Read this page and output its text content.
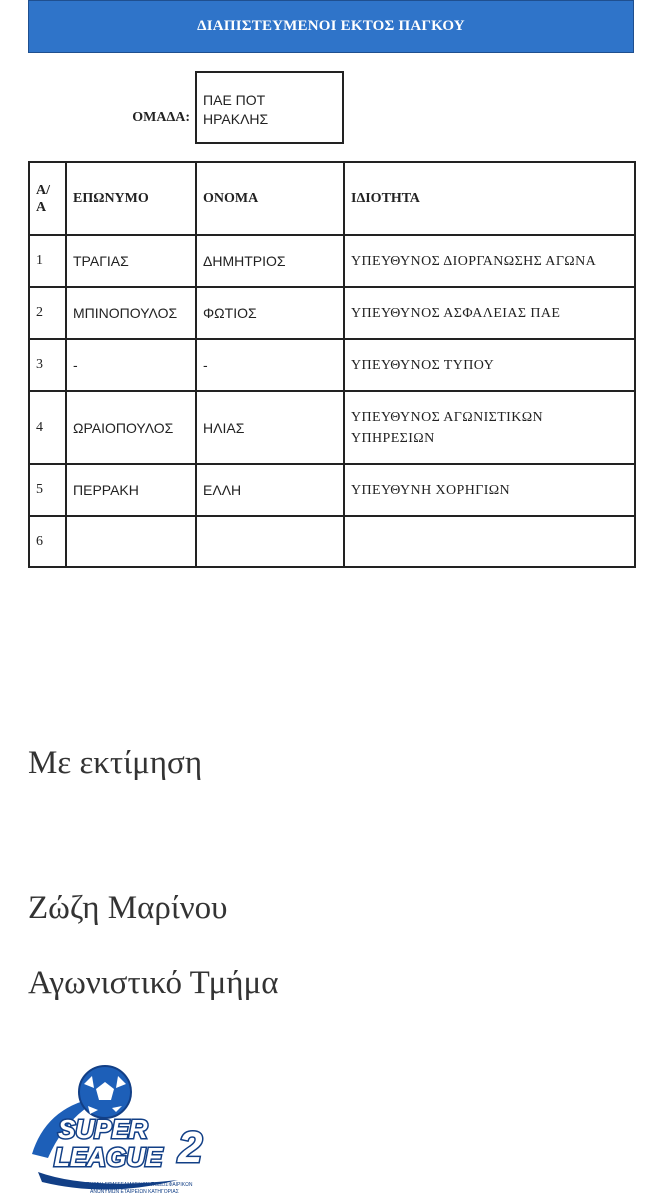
ΔΙΑΠΙΣΤΕΥΜΕΝΟΙ ΕΚΤΟΣ ΠΑΓΚΟΥ
ΟΜΑΔΑ:
ΠΑΕ ΠΟΤ
ΗΡΑΚΛΗΣ
Α/
Α	ΕΠΩΝΥΜΟ	ΟΝΟΜΑ	ΙΔΙΟΤΗΤΑ
1	ΤΡΑΓΙΑΣ	ΔΗΜΗΤΡΙΟΣ	ΥΠΕΥΘΥΝΟΣ ΔΙΟΡΓΑΝΩΣΗΣ ΑΓΩΝΑ
2	ΜΠΙΝΟΠΟΥΛΟΣ	ΦΩΤΙΟΣ	ΥΠΕΥΘΥΝΟΣ ΑΣΦΑΛΕΙΑΣ ΠΑΕ
3	-	-	ΥΠΕΥΘΥΝΟΣ ΤΥΠΟΥ
4	ΩΡΑΙΟΠΟΥΛΟΣ	ΗΛΙΑΣ	ΥΠΕΥΘΥΝΟΣ ΑΓΩΝΙΣΤΙΚΩΝ ΥΠΗΡΕΣΙΩΝ
5	ΠΕΡΡΑΚΗ	ΕΛΛΗ	ΥΠΕΥΘΥΝΗ ΧΟΡΗΓΙΩΝ
6			
Με εκτίμηση
Ζώζη Μαρίνου
Αγωνιστικό Τμήμα
SUPER
LEAGUE 2
ΕΝΩΣΗ ΕΠΑΓΓΕΛΜΑΤΙΚΩΝ ΠΟΔΟΣΦΑΙΡΙΚΩΝ
ΑΝΩΝΥΜΩΝ ΕΤΑΙΡΕΙΩΝ ΚΑΤΗΓΟΡΙΑΣ
